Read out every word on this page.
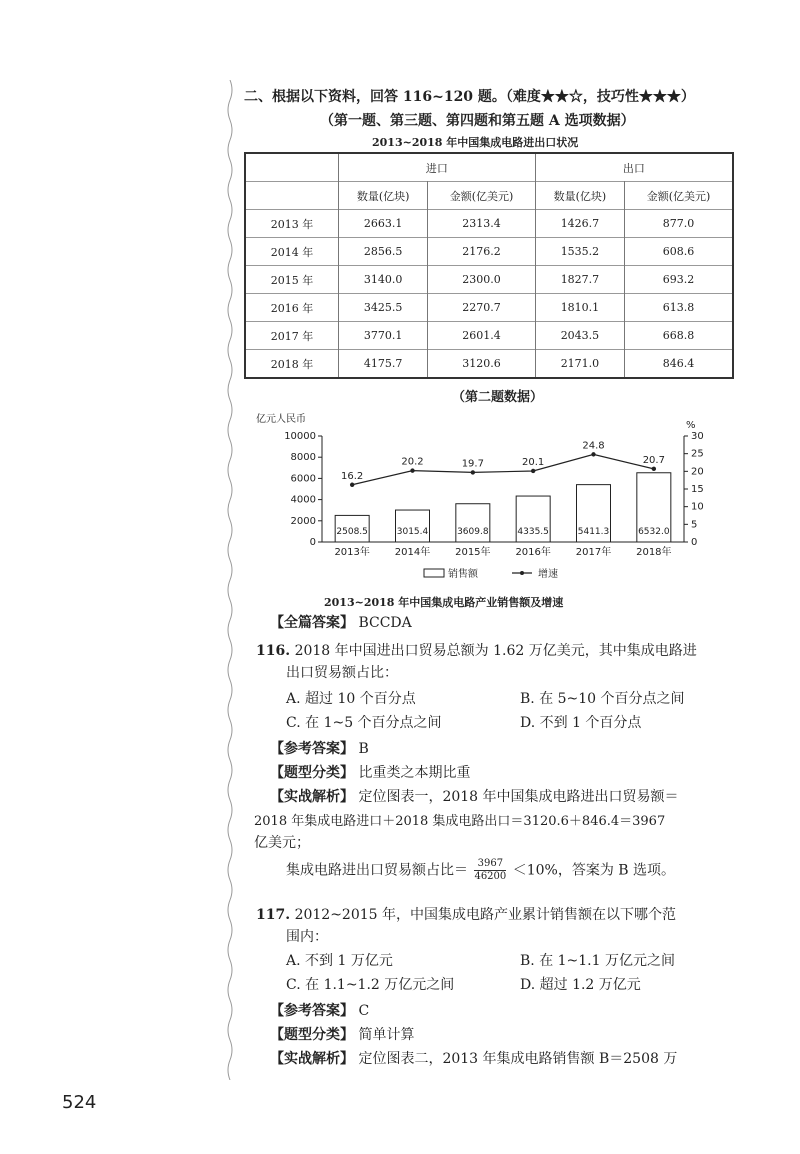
二、根据以下资料，回答 116~120 题。（难度★★☆，技巧性★★★）
（第一题、第三题、第四题和第五题 A 选项数据）
2013~2018 年中国集成电路进出口状况
	进口		出口	
	数量(亿块)	金额(亿美元)	数量(亿块)	金额(亿美元)
2013 年	2663.1	2313.4	1426.7	877.0
2014 年	2856.5	2176.2	1535.2	608.6
2015 年	3140.0	2300.0	1827.7	693.2
2016 年	3425.5	2270.7	1810.1	613.8
2017 年	3770.1	2601.4	2043.5	668.8
2018 年	4175.7	3120.6	2171.0	846.4
（第二题数据）
亿元人民币
%
10000
8000
6000
4000
2000
0
30
25
20
15
10
5
0
2508.5	3015.4	3609.8	4335.5	5411.3	6532.0
16.2
20.2	19.7	20.1
24.8
20.7
2013年 2014年 2015年 2016年 2017年 2018年
销售额	增速
2013~2018 年中国集成电路产业销售额及增速
【全篇答案】 BCCDA
116. 2018 年中国进出口贸易总额为 1.62 万亿美元，其中集成电路进
出口贸易额占比：
A. 超过 10 个百分点	B. 在 5~10 个百分点之间
C. 在 1~5 个百分点之间	D. 不到 1 个百分点
【参考答案】 B
【题型分类】 比重类之本期比重
【实战解析】 定位图表一，2018 年中国集成电路进出口贸易额＝
2018 年集成电路进口＋2018 集成电路出口＝3120.6＋846.4＝3967
亿美元；
集成电路进出口贸易额占比＝ $\frac{3967}{46200} <10\%$，答案为 B 选项。
117. 2012~2015 年，中国集成电路产业累计销售额在以下哪个范
围内：
A. 不到 1 万亿元	B. 在 1~1.1 万亿元之间
C. 在 1.1~1.2 万亿元之间	D. 超过 1.2 万亿元
【参考答案】 C
【题型分类】 简单计算
【实战解析】 定位图表二，2013 年集成电路销售额 B＝2508 万
524
